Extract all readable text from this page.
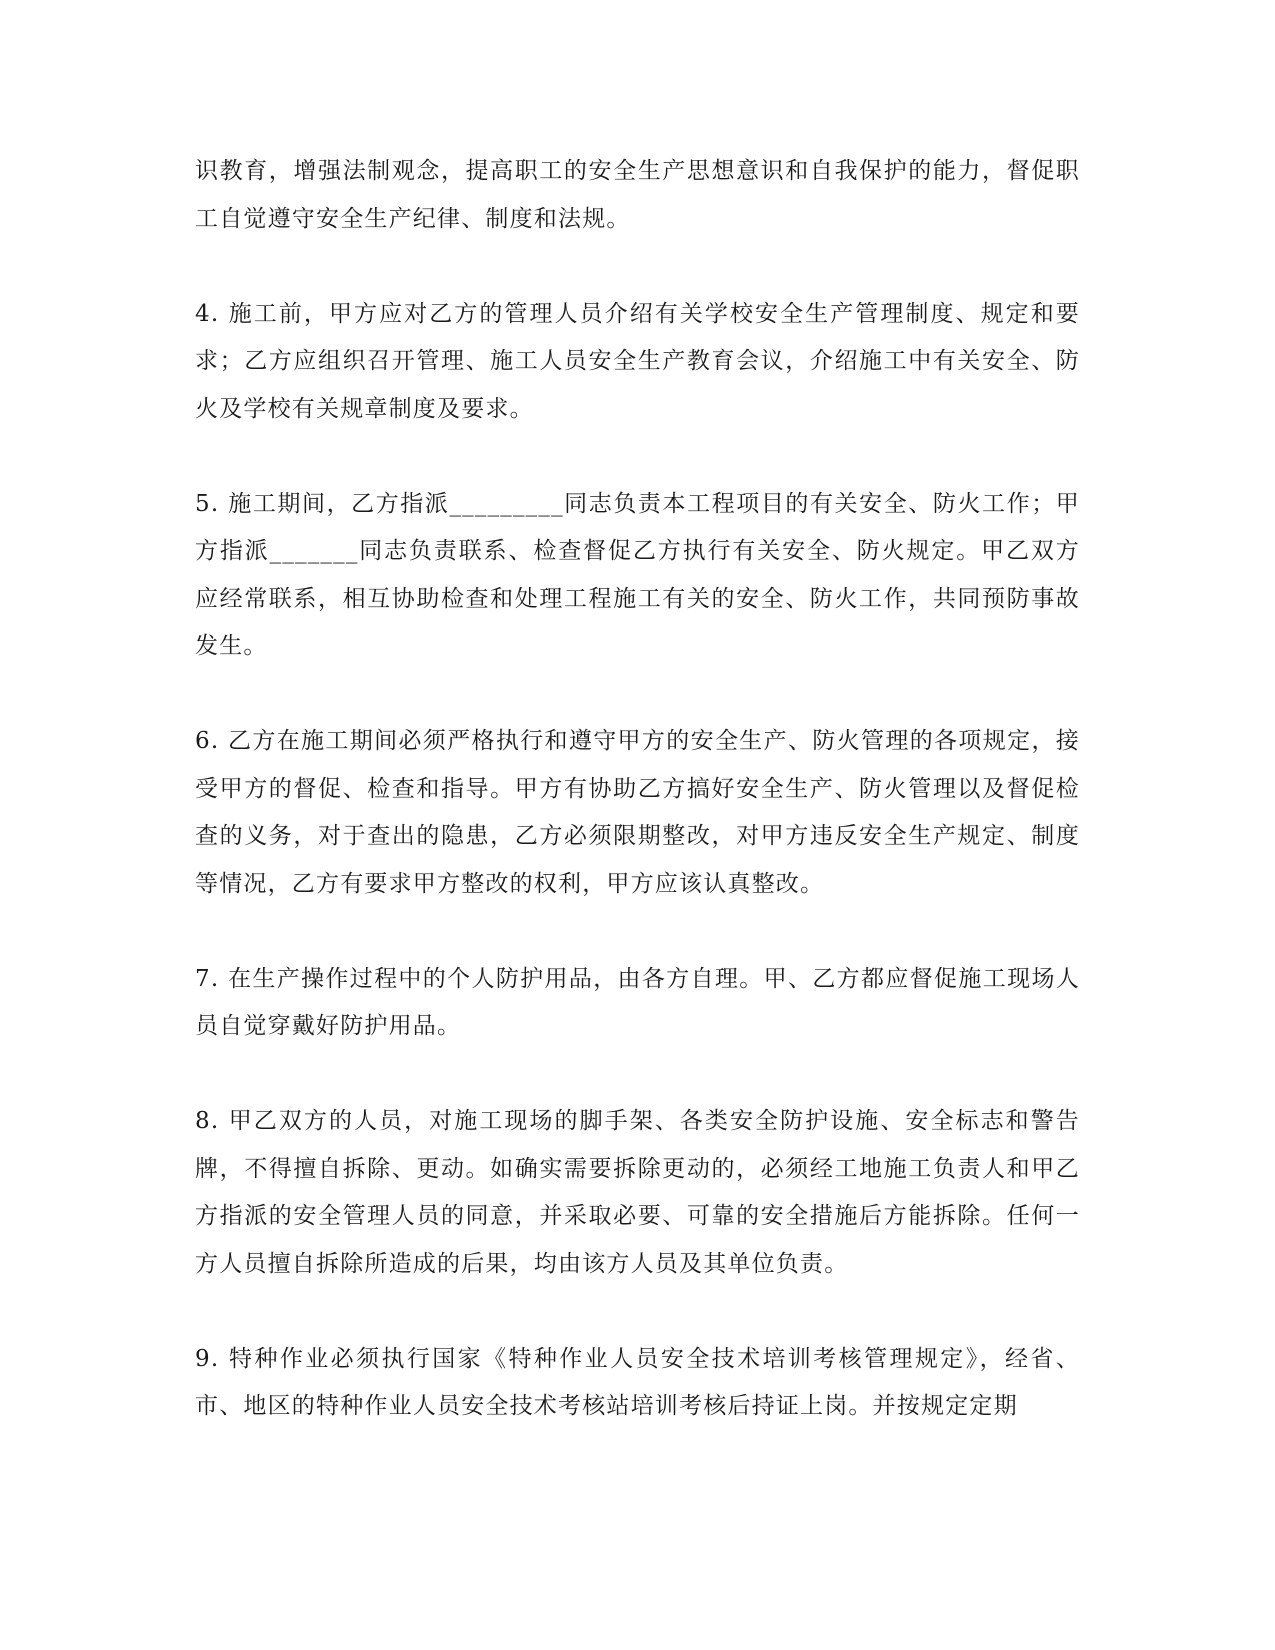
识教育，增强法制观念，提高职工的安全生产思想意识和自我保护的能力，督促职工自觉遵守安全生产纪律、制度和法规。

4. 施工前，甲方应对乙方的管理人员介绍有关学校安全生产管理制度、规定和要求；乙方应组织召开管理、施工人员安全生产教育会议，介绍施工中有关安全、防火及学校有关规章制度及要求。

5. 施工期间，乙方指派_________同志负责本工程项目的有关安全、防火工作；甲方指派_______同志负责联系、检查督促乙方执行有关安全、防火规定。甲乙双方应经常联系，相互协助检查和处理工程施工有关的安全、防火工作，共同预防事故发生。

6. 乙方在施工期间必须严格执行和遵守甲方的安全生产、防火管理的各项规定，接受甲方的督促、检查和指导。甲方有协助乙方搞好安全生产、防火管理以及督促检查的义务，对于查出的隐患，乙方必须限期整改，对甲方违反安全生产规定、制度等情况，乙方有要求甲方整改的权利，甲方应该认真整改。

7. 在生产操作过程中的个人防护用品，由各方自理。甲、乙方都应督促施工现场人员自觉穿戴好防护用品。

8. 甲乙双方的人员，对施工现场的脚手架、各类安全防护设施、安全标志和警告牌，不得擅自拆除、更动。如确实需要拆除更动的，必须经工地施工负责人和甲乙方指派的安全管理人员的同意，并采取必要、可靠的安全措施后方能拆除。任何一方人员擅自拆除所造成的后果，均由该方人员及其单位负责。

9. 特种作业必须执行国家《特种作业人员安全技术培训考核管理规定》，经省、市、地区的特种作业人员安全技术考核站培训考核后持证上岗。并按规定定期
